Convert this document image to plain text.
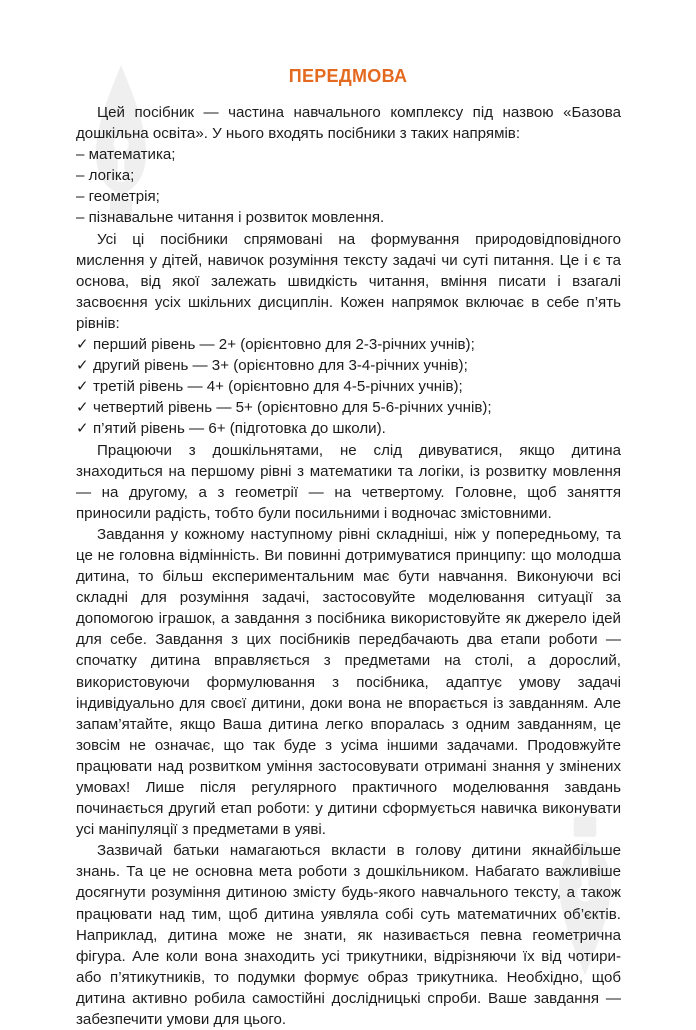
ПЕРЕДМОВА

Цей посібник — частина навчального комплексу під назвою «Базова дошкільна освіта». У нього входять посібники з таких напрямів:

– математика;

– логіка;

– геометрія;

– пізнавальне читання і розвиток мовлення.

Усі ці посібники спрямовані на формування природовідповідного мислення у дітей, навичок розуміння тексту задачі чи суті питання. Це і є та основа, від якої залежать швидкість читання, вміння писати і взагалі засвоєння усіх шкільних дисциплін. Кожен напрямок включає в себе п’ять рівнів:

✓ перший рівень — 2+ (орієнтовно для 2-3-річних учнів);

✓ другий рівень — 3+ (орієнтовно для 3-4-річних учнів);

✓ третій рівень — 4+ (орієнтовно для 4-5-річних учнів);

✓ четвертий рівень — 5+ (орієнтовно для 5-6-річних учнів);

✓ п’ятий рівень — 6+ (підготовка до школи).

Працюючи з дошкільнятами, не слід дивуватися, якщо дитина знаходиться на першому рівні з математики та логіки, із розвитку мовлення — на другому, а з геометрії — на четвертому. Головне, щоб заняття приносили радість, тобто були посильними і водночас змістовними.

Завдання у кожному наступному рівні складніші, ніж у попередньому, та це не головна відмінність. Ви повинні дотримуватися принципу: що молодша дитина, то більш експериментальним має бути навчання. Виконуючи всі складні для розуміння задачі, застосовуйте моделювання ситуації за допомогою іграшок, а завдання з посібника використовуйте як джерело ідей для себе. Завдання з цих посібників передбачають два етапи роботи — спочатку дитина вправляється з предметами на столі, а дорослий, використовуючи формулювання з посібника, адаптує умову задачі індивідуально для своєї дитини, доки вона не впорається із завданням. Але запам’ятайте, якщо Ваша дитина легко впоралась з одним завданням, це зовсім не означає, що так буде з усіма іншими задачами. Продовжуйте працювати над розвитком уміння застосовувати отримані знання у змінених умовах! Лише після регулярного практичного моделювання завдань починається другий етап роботи: у дитини сформується навичка виконувати усі маніпуляції з предметами в уяві.

Зазвичай батьки намагаються вкласти в голову дитини якнайбільше знань. Та це не основна мета роботи з дошкільником. Набагато важливіше досягнути розуміння дитиною змісту будь-якого навчального тексту, а також працювати над тим, щоб дитина уявляла собі суть математичних об’єктів. Наприклад, дитина може не знати, як називається певна геометрична фігура. Але коли вона знаходить усі трикутники, відрізняючи їх від чотири- або п’ятикутників, то подумки формує образ трикутника. Необхідно, щоб дитина активно робила самостійні дослідницькі спроби. Ваше завдання — забезпечити умови для цього.
